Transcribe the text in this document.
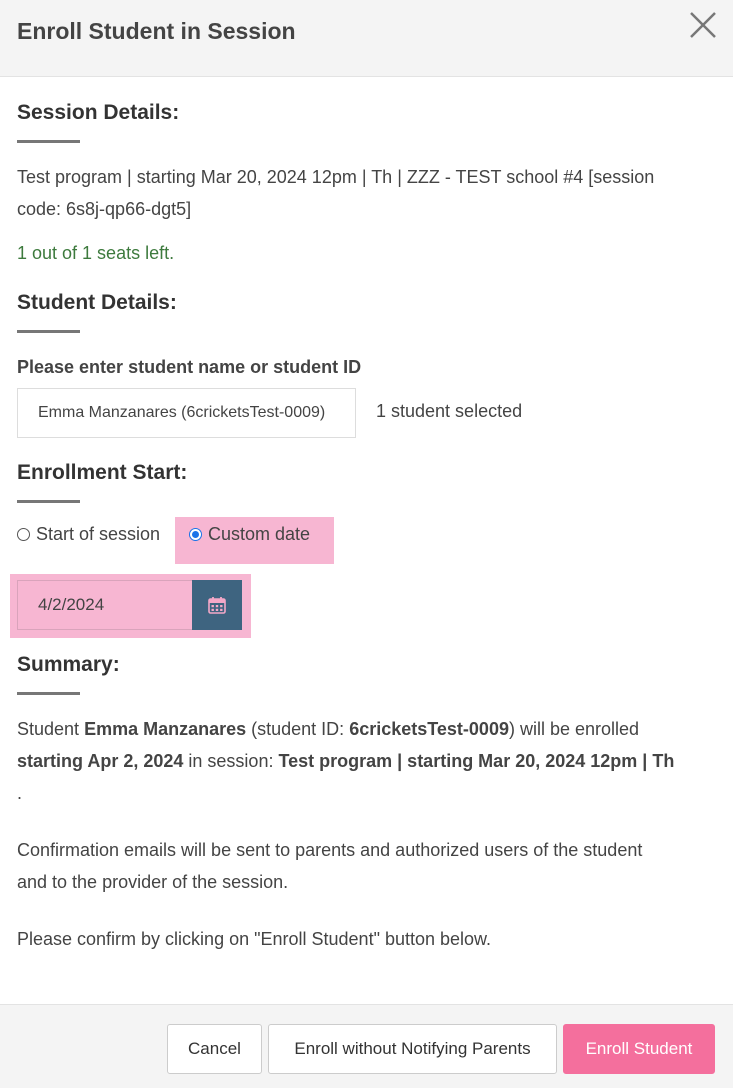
Enroll Student in Session
Session Details:
Test program | starting Mar 20, 2024 12pm | Th | ZZZ - TEST school #4 [session
code: 6s8j-qp66-dgt5]
1 out of 1 seats left.
Student Details:
Please enter student name or student ID
Emma Manzanares (6cricketsTest-0009)
1 student selected
Enrollment Start:
Start of session	Custom date
4/2/2024
Summary:
Student Emma Manzanares (student ID: 6cricketsTest-0009) will be enrolled
starting Apr 2, 2024 in session: Test program | starting Mar 20, 2024 12pm | Th
.
Confirmation emails will be sent to parents and authorized users of the student
and to the provider of the session.
Please confirm by clicking on "Enroll Student" button below.
Cancel	Enroll without Notifying Parents	Enroll Student
